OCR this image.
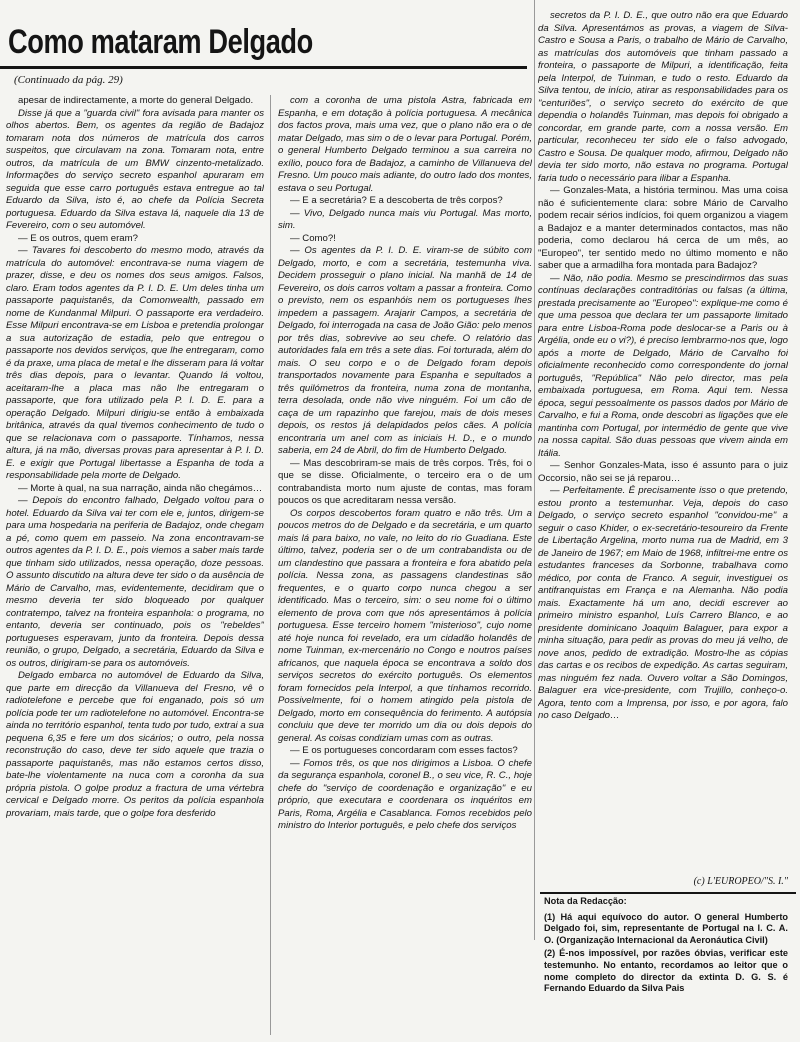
Como mataram Delgado
(Continuado da pág. 29)

apesar de indirectamente, a morte do general Delgado.

Disse já que a "guarda civil" fora avisada para manter os olhos abertos. Bem, os agentes da região de Badajoz tomaram nota dos números de matrícula dos carros suspeitos, que circulavam na zona. Tomaram nota, entre outros, da matrícula de um BMW cinzento-metalizado. Informações do serviço secreto espanhol apuraram em seguida que esse carro português estava entregue ao tal Eduardo da Silva, isto é, ao chefe da Polícia Secreta portuguesa. Eduardo da Silva estava lá, naquele dia 13 de Fevereiro, com o seu automóvel.

— E os outros, quem eram?

— Tavares foi descoberto do mesmo modo, através da matrícula do automóvel: encontrava-se numa viagem de prazer, disse, e deu os nomes dos seus amigos. Falsos, claro. Eram todos agentes da P. I. D. E. Um deles tinha um passaporte paquistanês, da Comonwealth, passado em nome de Kundanmal Milpuri. O passaporte era verdadeiro. Esse Milpuri encontrava-se em Lisboa e pretendia prolongar a sua autorização de estadia, pelo que entregou o passaporte nos devidos serviços, que lhe entregaram, como é da praxe, uma placa de metal e lhe disseram para lá voltar três dias depois, para o levantar. Quando lá voltou, aceitaram-lhe a placa mas não lhe entregaram o passaporte, que fora utilizado pela P. I. D. E. para a operação Delgado. Milpuri dirigiu-se então à embaixada britânica, através da qual tivemos conhecimento de tudo o que se relacionava com o passaporte. Tínhamos, nessa altura, já na mão, diversas provas para apresentar à P. I. D. E. e exigir que Portugal libertasse a Espanha de toda a responsabilidade pela morte de Delgado.

— Morte à qual, na sua narração, ainda não chegámos…

— Depois do encontro falhado, Delgado voltou para o hotel. Eduardo da Silva vai ter com ele e, juntos, dirigem-se para uma hospedaria na periferia de Badajoz, onde chegam a pé, como quem em passeio. Na zona encontravam-se outros agentes da P. I. D. E., pois viemos a saber mais tarde que tinham sido utilizados, nessa operação, doze pessoas. O assunto discutido na altura deve ter sido o da ausência de Mário de Carvalho, mas, evidentemente, decidiram que o mesmo deveria ter sido bloqueado por qualquer contratempo, talvez na fronteira espanhola: o programa, no entanto, deveria ser continuado, pois os "rebeldes" portugueses esperavam, junto da fronteira. Depois dessa reunião, o grupo, Delgado, a secretária, Eduardo da Silva e os outros, dirigiram-se para os automóveis.

Delgado embarca no automóvel de Eduardo da Silva, que parte em direcção da Villanueva del Fresno, vê o radiotelefone e percebe que foi enganado, pois só um polícia pode ter um radiotelefone no automóvel. Encontra-se ainda no território espanhol, tenta tudo por tudo, extrai a sua pequena 6,35 e fere um dos sicários; o outro, pela nossa reconstrução do caso, deve ter sido aquele que trazia o passaporte paquistanês, mas não estamos certos disso, bate-lhe violentamente na nuca com a coronha da sua própria pistola. O golpe produz a fractura de uma vértebra cervical e Delgado morre. Os peritos da polícia espanhola provariam, mais tarde, que o golpe fora desferido

com a coronha de uma pistola Astra, fabricada em Espanha, e em dotação à polícia portuguesa. A mecânica dos factos prova, mais uma vez, que o plano não era o de matar Delgado, mas sim o de o levar para Portugal. Porém, o general Humberto Delgado terminou a sua carreira no exílio, pouco fora de Badajoz, a caminho de Villanueva del Fresno. Um pouco mais adiante, do outro lado dos montes, estava o seu Portugal.

— E a secretária? E a descoberta de três corpos?

— Vivo, Delgado nunca mais viu Portugal. Mas morto, sim.

— Como?!

— Os agentes da P. I. D. E. viram-se de súbito com Delgado, morto, e com a secretária, testemunha viva. Decidem prosseguir o plano inicial. Na manhã de 14 de Fevereiro, os dois carros voltam a passar a fronteira. Como o previsto, nem os espanhóis nem os portugueses lhes impedem a passagem. Arajarir Campos, a secretária de Delgado, foi interrogada na casa de João Gião: pelo menos por três dias, sobrevive ao seu chefe. O relatório das autoridades fala em três a sete dias. Foi torturada, além do mais. O seu corpo e o de Delgado foram depois transportados novamente para Espanha e sepultados a três quilómetros da fronteira, numa zona de montanha, terra desolada, onde não vive ninguém. Foi um cão de caça de um rapazinho que farejou, mais de dois meses depois, os restos já delapidados pelos cães. A polícia encontraria um anel com as iniciais H. D., e o mundo saberia, em 24 de Abril, do fim de Humberto Delgado.

— Mas descobriram-se mais de três corpos. Três, foi o que se disse. Oficialmente, o terceiro era o de um contrabandista morto num ajuste de contas, mas foram poucos os que acreditaram nessa versão.

Os corpos descobertos foram quatro e não três. Um a poucos metros do de Delgado e da secretária, e um quarto mais lá para baixo, no vale, no leito do rio Guadiana. Este último, talvez, poderia ser o de um contrabandista ou de um clandestino que passara a fronteira e fora abatido pela polícia. Nessa zona, as passagens clandestinas são frequentes, e o quarto corpo nunca chegou a ser identificado. Mas o terceiro, sim: o seu nome foi o último elemento de prova com que nós apresentámos à polícia portuguesa. Esse terceiro homem "misterioso", cujo nome até hoje nunca foi revelado, era um cidadão holandês de nome Tuinman, ex-mercenário no Congo e noutros países africanos, que naquela época se encontrava a soldo dos serviços secretos do exército português. Os elementos foram fornecidos pela Interpol, a que tínhamos recorrido. Possivelmente, foi o homem atingido pela pistola de Delgado, morto em consequência do ferimento. A autópsia concluiu que deve ter morrido um dia ou dois depois do general. As coisas condiziam umas com as outras.

— E os portugueses concordaram com esses factos?

— Fomos três, os que nos dirigimos a Lisboa. O chefe da segurança espanhola, coronel B., o seu vice, R. C., hoje chefe do "serviço de coordenação e organização" e eu próprio, que executara e coordenara os inquéritos em Paris, Roma, Argélia e Casablanca. Fomos recebidos pelo ministro do Interior português, e pelo chefe dos serviços

secretos da P. I. D. E., que outro não era que Eduardo da Silva. Apresentámos as provas, a viagem de Silva-Castro e Sousa a Paris, o trabalho de Mário de Carvalho, as matrículas dos automóveis que tinham passado a fronteira, o passaporte de Milpuri, a identificação, feita pela Interpol, de Tuinman, e tudo o resto. Eduardo da Silva tentou, de início, atirar as responsabilidades para os "centuriões", o serviço secreto do exército de que dependia o holandês Tuinman, mas depois foi obrigado a concordar, em grande parte, com a nossa versão. Em particular, reconheceu ter sido ele o falso advogado, Castro e Sousa. De qualquer modo, afirmou, Delgado não devia ter sido morto, não estava no programa. Portugal faria tudo o necessário para ilibar a Espanha.

— Gonzales-Mata, a história terminou. Mas uma coisa não é suficientemente clara: sobre Mário de Carvalho podem recair sérios indícios, foi quem organizou a viagem a Badajoz e a manter determinados contactos, mas não poderia, como declarou há cerca de um mês, ao "Europeo", ter sentido medo no último momento e não saber que a armadilha fora montada para Badajoz?

— Não, não podia. Mesmo se prescindirmos das suas contínuas declarações contraditórias ou falsas (a última, prestada precisamente ao "Europeo": explique-me como é que uma pessoa que declara ter um passaporte limitado para entre Lisboa-Roma pode deslocar-se a Paris ou à Argélia, onde eu o vi?), é preciso lembrarmo-nos que, logo após a morte de Delgado, Mário de Carvalho foi oficialmente reconhecido como correspondente do jornal português, "República" Não pelo director, mas pela embaixada portuguesa, em Roma. Aqui tem. Nessa época, segui pessoalmente os passos dados por Mário de Carvalho, e fui a Roma, onde descobri as ligações que ele mantinha com Portugal, por intermédio de gente que vive na nossa capital. São duas pessoas que vivem ainda em Itália.

— Senhor Gonzales-Mata, isso é assunto para o juiz Occorsio, não sei se já reparou…

— Perfeitamente. É precisamente isso o que pretendo, estou pronto a testemunhar. Veja, depois do caso Delgado, o serviço secreto espanhol "convidou-me" a seguir o caso Khider, o ex-secretário-tesoureiro da Frente de Libertação Argelina, morto numa rua de Madrid, em 3 de Janeiro de 1967; em Maio de 1968, infiltrei-me entre os estudantes franceses da Sorbonne, trabalhava como médico, por conta de Franco. A seguir, investiguei os antifranquistas em França e na Alemanha. Não podia mais. Exactamente há um ano, decidi escrever ao primeiro ministro espanhol, Luís Carrero Blanco, e ao presidente dominicano Joaquim Balaguer, para expor a minha situação, para pedir as provas do meu já velho, de nove anos, pedido de extradição. Mostro-lhe as cópias das cartas e os recibos de expedição. As cartas seguiram, mas ninguém fez nada. Ouvero voltar a São Domingos, Balaguer era vice-presidente, com Trujillo, conheço-o. Agora, tento com a Imprensa, por isso, e por agora, falo no caso Delgado…

(c) L'EUROPEO/"S. I."
Nota da Redacção:

(1) Há aqui equívoco do autor. O general Humberto Delgado foi, sim, representante de Portugal na I. C. A. O. (Organização Internacional da Aeronáutica Civil)

(2) É-nos impossível, por razões óbvias, verificar este testemunho. No entanto, recordamos ao leitor que o nome completo do director da extinta D. G. S. é Fernando Eduardo da Silva Pais
